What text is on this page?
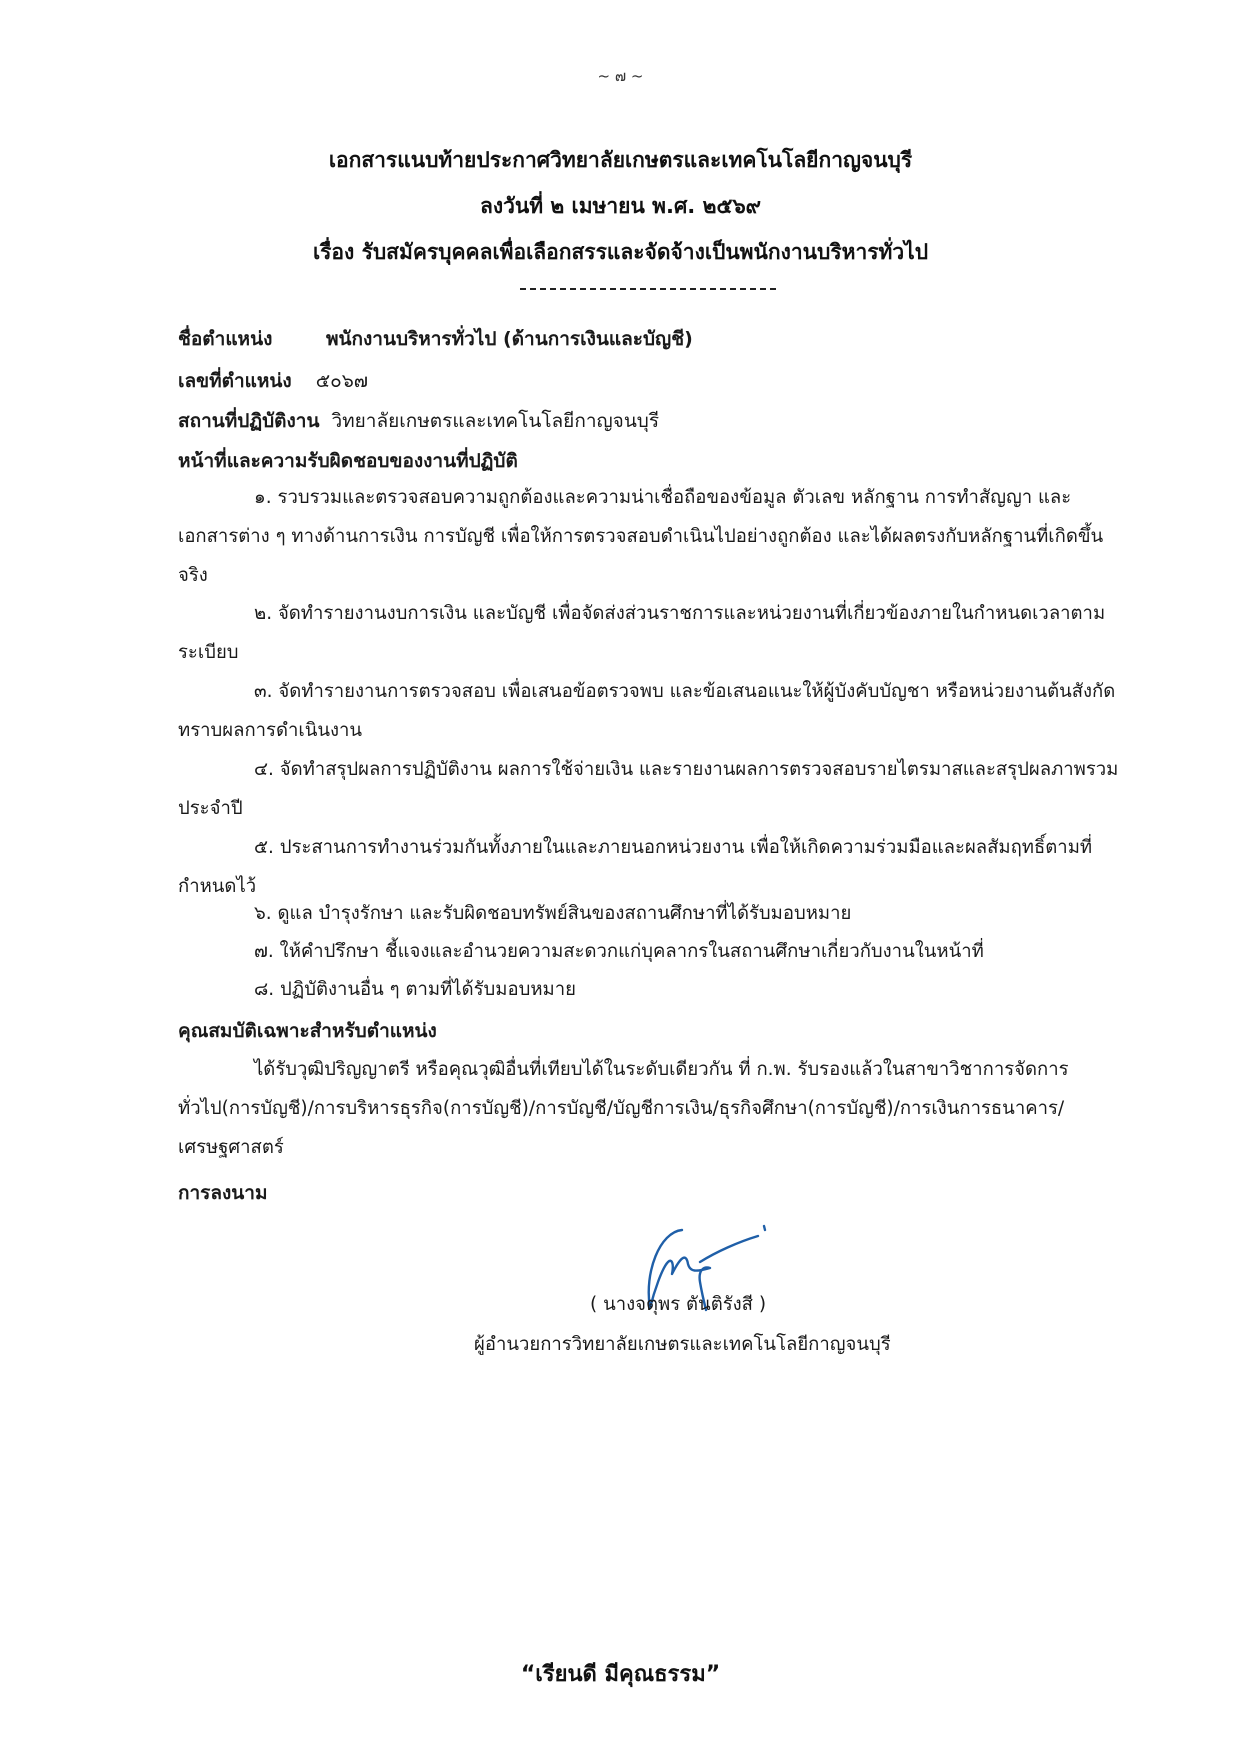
~ ๗ ~
เอกสารแนบท้ายประกาศวิทยาลัยเกษตรและเทคโนโลยีกาญจนบุรี
ลงวันที่ ๒ เมษายน พ.ศ. ๒๕๖๙
เรื่อง รับสมัครบุคคลเพื่อเลือกสรรและจัดจ้างเป็นพนักงานบริหารทั่วไป
ชื่อตำแหน่ง	พนักงานบริหารทั่วไป (ด้านการเงินและบัญชี)
เลขที่ตำแหน่ง ๕๐๖๗
สถานที่ปฏิบัติงาน วิทยาลัยเกษตรและเทคโนโลยีกาญจนบุรี
หน้าที่และความรับผิดชอบของงานที่ปฏิบัติ
๑. รวบรวมและตรวจสอบความถูกต้องและความน่าเชื่อถือของข้อมูล ตัวเลข หลักฐาน การทำสัญญา และเอกสารต่าง ๆ ทางด้านการเงิน การบัญชี เพื่อให้การตรวจสอบดำเนินไปอย่างถูกต้อง และได้ผลตรงกับหลักฐานที่เกิดขึ้นจริง
๒. จัดทำรายงานงบการเงิน และบัญชี เพื่อจัดส่งส่วนราชการและหน่วยงานที่เกี่ยวข้องภายในกำหนดเวลาตามระเบียบ
๓. จัดทำรายงานการตรวจสอบ เพื่อเสนอข้อตรวจพบ และข้อเสนอแนะให้ผู้บังคับบัญชา หรือหน่วยงานต้นสังกัดทราบผลการดำเนินงาน
๔. จัดทำสรุปผลการปฏิบัติงาน ผลการใช้จ่ายเงิน และรายงานผลการตรวจสอบรายไตรมาสและสรุปผลภาพรวมประจำปี
๕. ประสานการทำงานร่วมกันทั้งภายในและภายนอกหน่วยงาน เพื่อให้เกิดความร่วมมือและผลสัมฤทธิ์ตามที่กำหนดไว้
๖. ดูแล บำรุงรักษา และรับผิดชอบทรัพย์สินของสถานศึกษาที่ได้รับมอบหมาย
๗. ให้คำปรึกษา ชี้แจงและอำนวยความสะดวกแก่บุคลากรในสถานศึกษาเกี่ยวกับงานในหน้าที่
๘. ปฏิบัติงานอื่น ๆ ตามที่ได้รับมอบหมาย
คุณสมบัติเฉพาะสำหรับตำแหน่ง
ได้รับวุฒิปริญญาตรี หรือคุณวุฒิอื่นที่เทียบได้ในระดับเดียวกัน ที่ ก.พ. รับรองแล้วในสาขาวิชาการจัดการทั่วไป(การบัญชี)/การบริหารธุรกิจ(การบัญชี)/การบัญชี/บัญชีการเงิน/ธุรกิจศึกษา(การบัญชี)/การเงินการธนาคาร/เศรษฐศาสตร์
การลงนาม
( นางจตุพร ตันติรังสี )
ผู้อำนวยการวิทยาลัยเกษตรและเทคโนโลยีกาญจนบุรี
“เรียนดี มีคุณธรรม”
